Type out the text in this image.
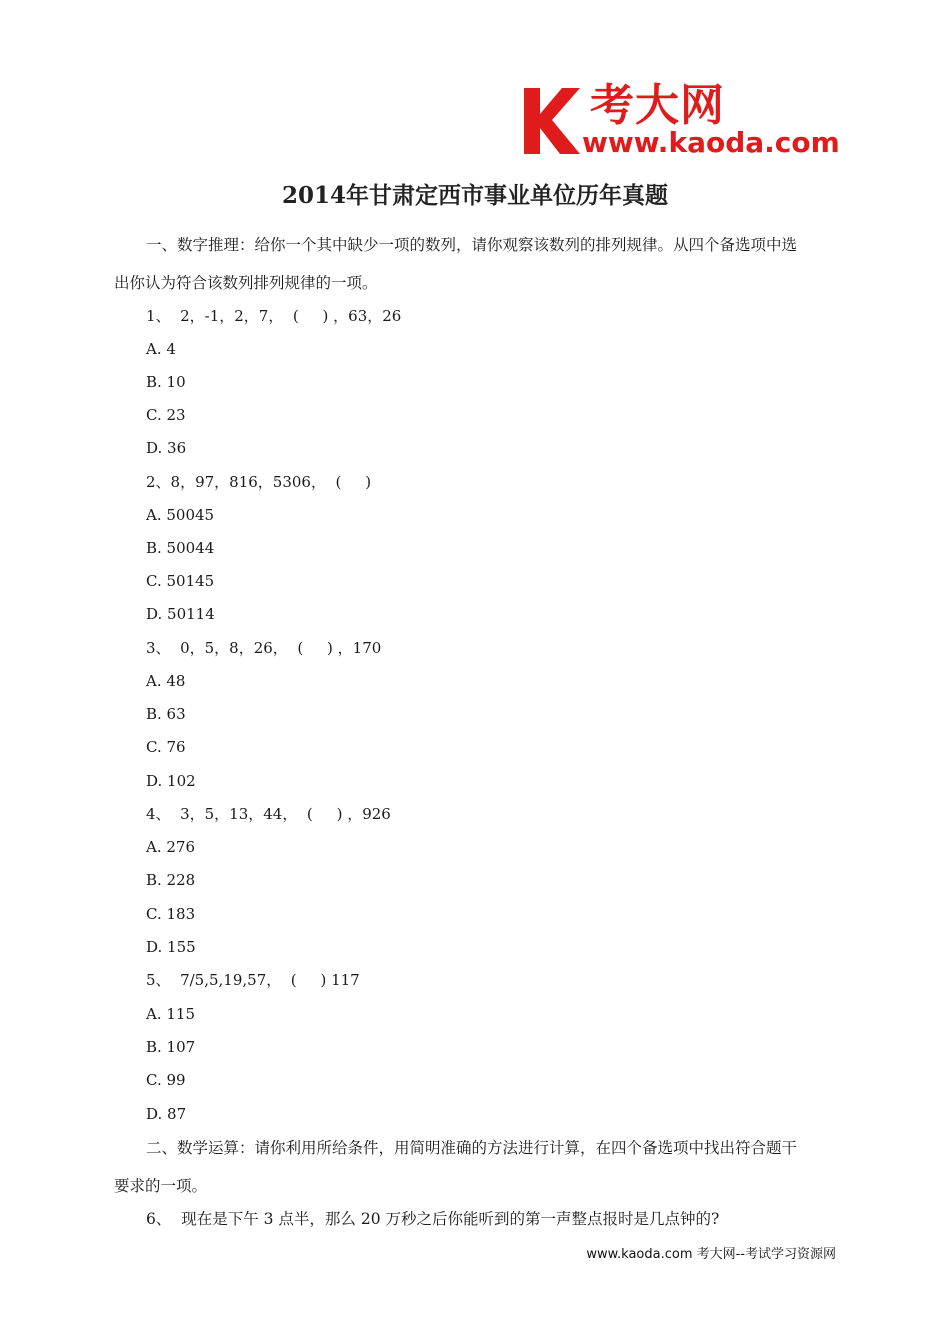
考大网
www.kaoda.com
2014年甘肃定西市事业单位历年真题
一、数字推理：给你一个其中缺少一项的数列，请你观察该数列的排列规律。从四个备选项中选
出你认为符合该数列排列规律的一项。
1、  2，-1，2，7，  (     ) ，63，26
A. 4
B. 10
C. 23
D. 36
2、8，97，816，5306，  (     )
A. 50045
B. 50044
C. 50145
D. 50114
3、  0，5，8，26，  (     ) ，170
A. 48
B. 63
C. 76
D. 102
4、  3，5，13，44，  (     ) ，926
A. 276
B. 228
C. 183
D. 155
5、  7/5,5,19,57，  (     ) 117
A. 115
B. 107
C. 99
D. 87
二、数学运算：请你利用所给条件，用简明准确的方法进行计算，在四个备选项中找出符合题干
要求的一项。
6、  现在是下午 3 点半，那么 20 万秒之后你能听到的第一声整点报时是几点钟的?
www.kaoda.com 考大网--考试学习资源网
